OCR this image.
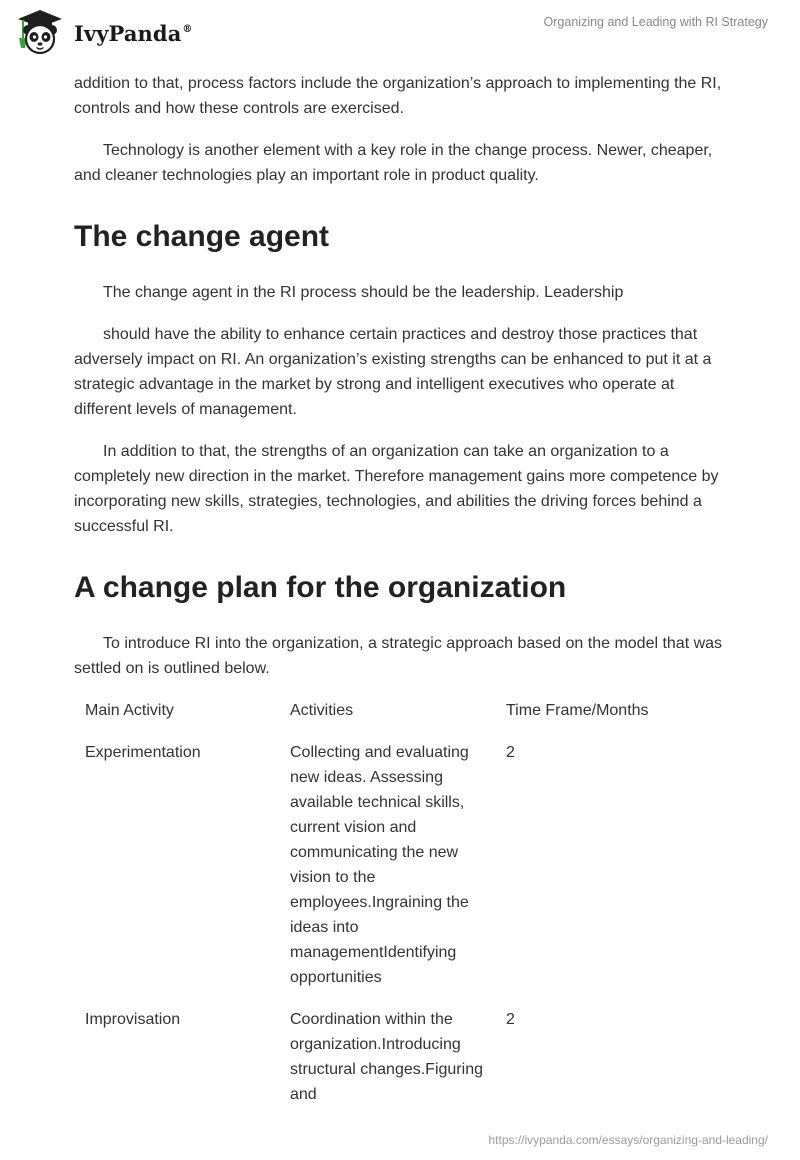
IvyPanda®	Organizing and Leading with RI Strategy

addition to that, process factors include the organization’s approach to implementing the RI, controls and how these controls are exercised.

Technology is another element with a key role in the change process. Newer, cheaper, and cleaner technologies play an important role in product quality.

The change agent

The change agent in the RI process should be the leadership. Leadership

should have the ability to enhance certain practices and destroy those practices that adversely impact on RI. An organization’s existing strengths can be enhanced to put it at a strategic advantage in the market by strong and intelligent executives who operate at different levels of management.

In addition to that, the strengths of an organization can take an organization to a completely new direction in the market. Therefore management gains more competence by incorporating new skills, strategies, technologies, and abilities the driving forces behind a successful RI.

A change plan for the organization

To introduce RI into the organization, a strategic approach based on the model that was settled on is outlined below.

Main Activity	Activities	Time Frame/Months

Experimentation	Collecting and evaluating new ideas. Assessing available technical skills, current vision and communicating the new vision to the employees.Ingraining the ideas into managementIdentifying opportunities	2

Improvisation	Coordination within the organization.Introducing structural changes.Figuring and	2
https://ivypanda.com/essays/organizing-and-leading/
